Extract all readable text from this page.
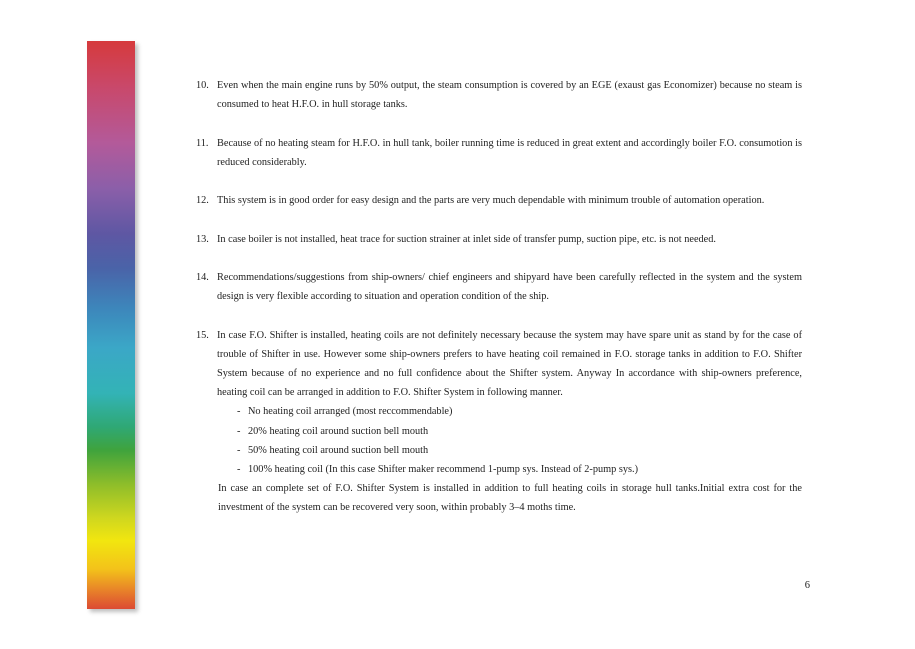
10. Even when the main engine runs by 50% output, the steam consumption is covered by an EGE (exaust gas Economizer) because no steam is consumed to heat H.F.O. in hull storage tanks.
11. Because of no heating steam for H.F.O. in hull tank, boiler running time is reduced in great extent and accordingly boiler F.O. consumotion is reduced considerably.
12. This system is in good order for easy design and the parts are very much dependable with minimum trouble of automation operation.
13. In case boiler is not installed, heat trace for suction strainer at inlet side of transfer pump, suction pipe, etc. is not needed.
14. Recommendations/suggestions from ship-owners/ chief engineers and shipyard have been carefully reflected in the system and the system design is very flexible according to situation and operation condition of the ship.
15. In case F.O. Shifter is installed, heating coils are not definitely necessary because the system may have spare unit as stand by for the case of trouble of Shifter in use. However some ship-owners prefers to have heating coil remained in F.O. storage tanks in addition to F.O. Shifter System because of no experience and no full confidence about the Shifter system. Anyway In accordance with ship-owners preference, heating coil can be arranged in addition to F.O. Shifter System in following manner.
- No heating coil arranged (most reccommendable)
- 20% heating coil around suction bell mouth
- 50% heating coil around suction bell mouth
- 100% heating coil (In this case Shifter maker recommend 1-pump sys. Instead of 2-pump sys.)
In case an complete set of F.O. Shifter System is installed in addition to full heating coils in storage hull tanks.Initial extra cost for the investment of the system can be recovered very soon, within probably 3–4 moths time.
6
